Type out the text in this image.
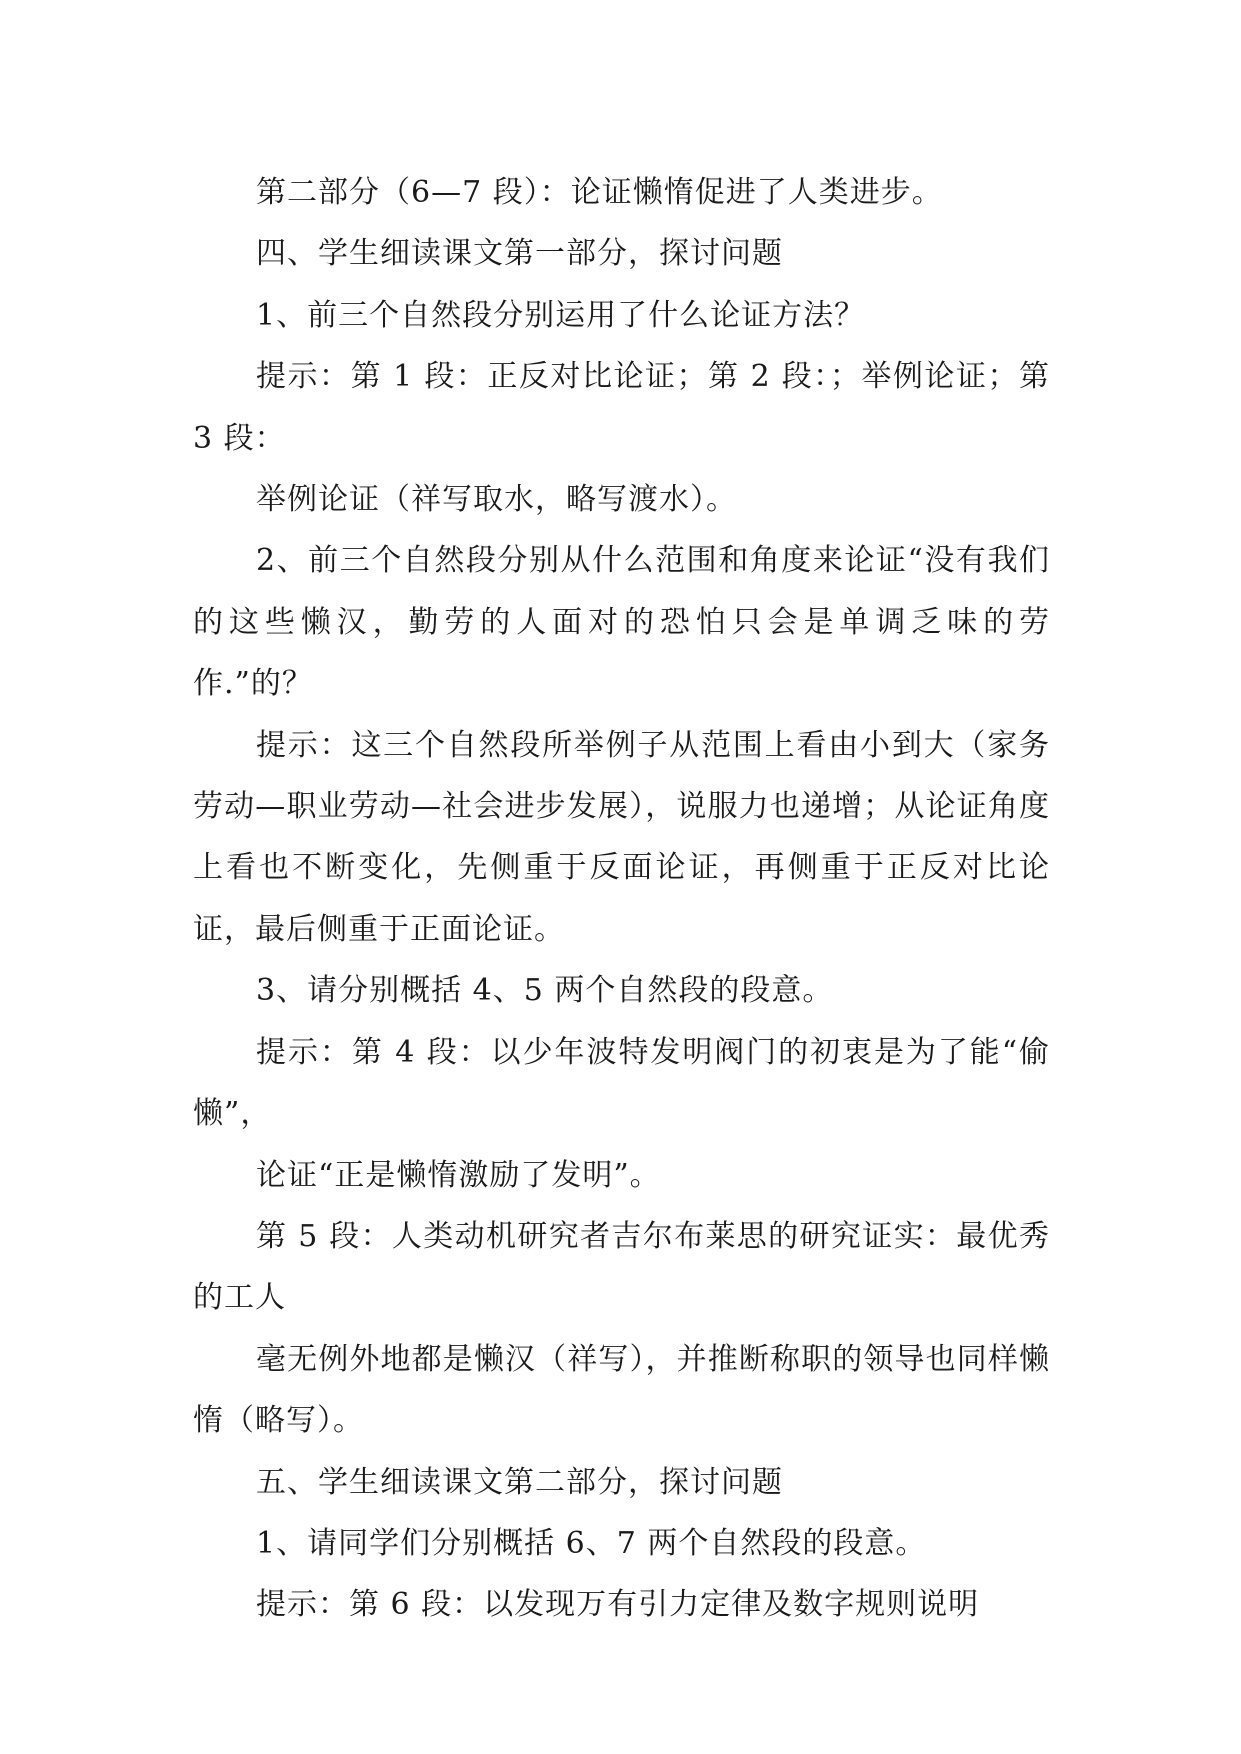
第二部分（6—7 段）：论证懒惰促进了人类进步。

四、学生细读课文第一部分，探讨问题

1、前三个自然段分别运用了什么论证方法？

提示：第 1 段：正反对比论证；第 2 段：；举例论证；第 3 段：

举例论证（祥写取水，略写渡水）。

2、前三个自然段分别从什么范围和角度来论证“没有我们的这些懒汉，勤劳的人面对的恐怕只会是单调乏味的劳作.”的？

提示：这三个自然段所举例子从范围上看由小到大（家务劳动—职业劳动—社会进步发展），说服力也递增；从论证角度上看也不断变化，先侧重于反面论证，再侧重于正反对比论证，最后侧重于正面论证。

3、请分别概括 4、5 两个自然段的段意。

提示：第 4 段：以少年波特发明阀门的初衷是为了能“偷懒”，

论证“正是懒惰激励了发明”。

第 5 段：人类动机研究者吉尔布莱思的研究证实：最优秀的工人

毫无例外地都是懒汉（祥写），并推断称职的领导也同样懒惰（略写）。

五、学生细读课文第二部分，探讨问题

1、请同学们分别概括 6、7 两个自然段的段意。

提示：第 6 段：以发现万有引力定律及数字规则说明
